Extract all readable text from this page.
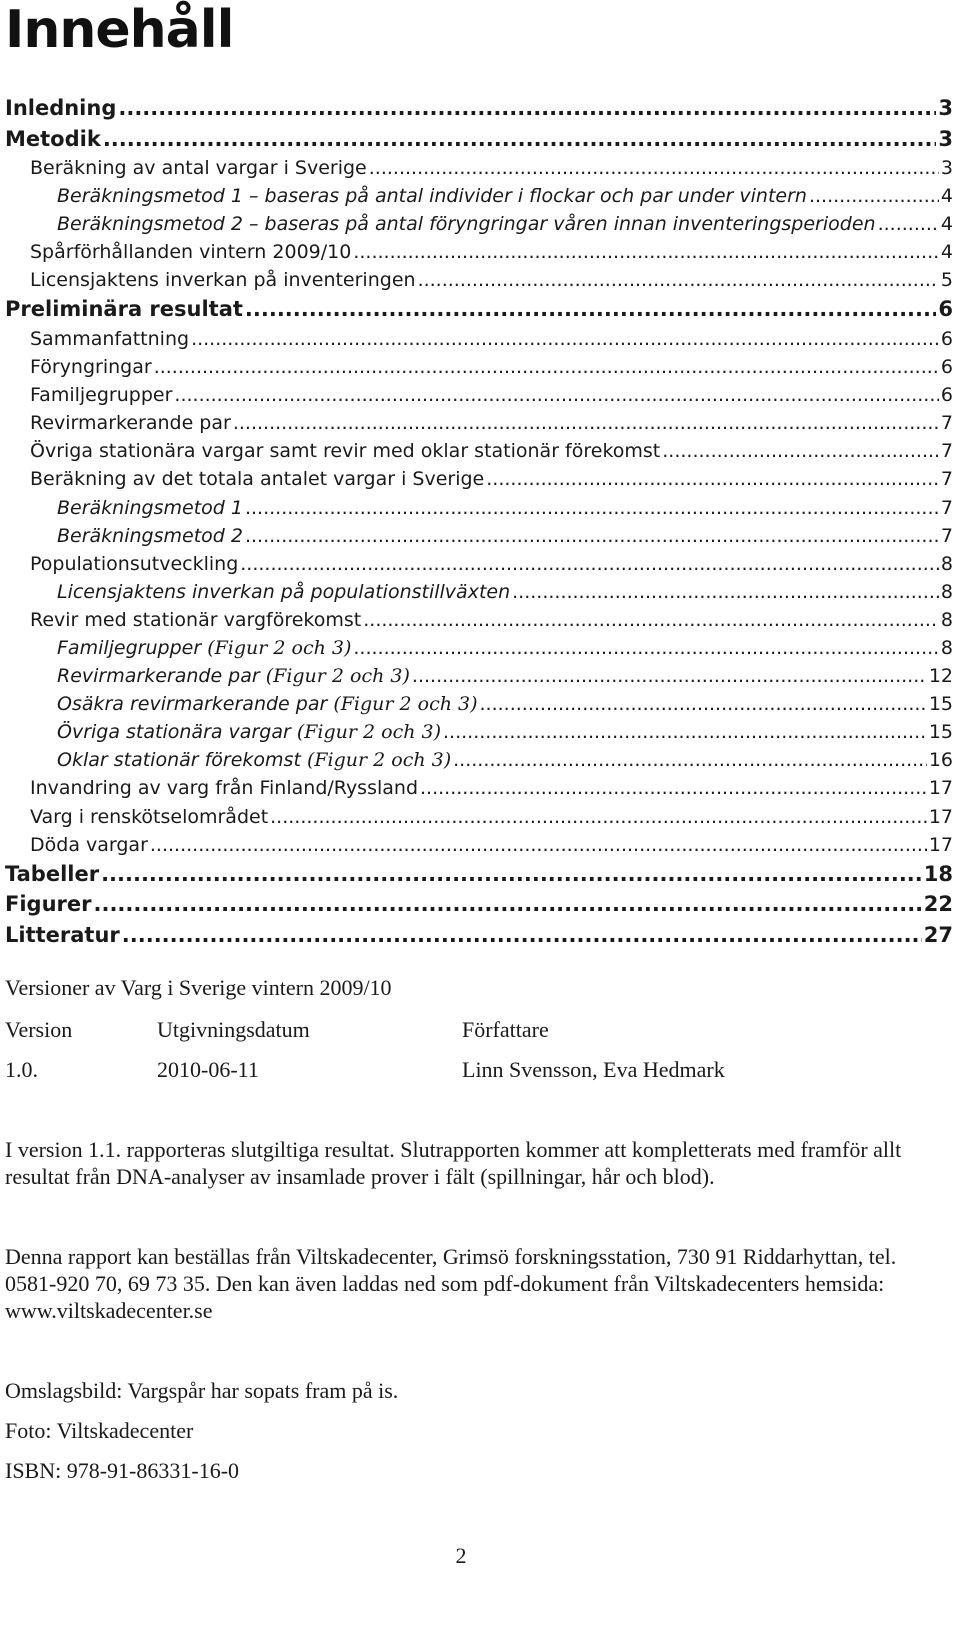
Innehåll
Inledning .....	3
Metodik .....	3
Beräkning av antal vargar i Sverige .....	3
Beräkningsmetod 1 – baseras på antal individer i flockar och par under vintern .....	4
Beräkningsmetod 2 – baseras på antal föryngringar våren innan inventeringsperioden .....	4
Spårförhållanden vintern 2009/10 .....	4
Licensjaktens inverkan på inventeringen .....	5
Preliminära resultat .....	6
Sammanfattning .....	6
Föryngringar .....	6
Familjegrupper .....	6
Revirmarkerande par .....	7
Övriga stationära vargar samt revir med oklar stationär förekomst .....	7
Beräkning av det totala antalet vargar i Sverige .....	7
Beräkningsmetod 1 .....	7
Beräkningsmetod 2 .....	7
Populationsutveckling .....	8
Licensjaktens inverkan på populationstillväxten .....	8
Revir med stationär vargförekomst .....	8
Familjegrupper (Figur 2 och 3) .....	8
Revirmarkerande par (Figur 2 och 3) .....	12
Osäkra revirmarkerande par (Figur 2 och 3) .....	15
Övriga stationära vargar (Figur 2 och 3) .....	15
Oklar stationär förekomst (Figur 2 och 3) .....	16
Invandring av varg från Finland/Ryssland .....	17
Varg i renskötselområdet .....	17
Döda vargar .....	17
Tabeller .....	18
Figurer .....	22
Litteratur .....	27
Versioner av Varg i Sverige vintern 2009/10
Version	Utgivningsdatum	Författare
1.0.	2010-06-11	Linn Svensson, Eva Hedmark
I version 1.1. rapporteras slutgiltiga resultat. Slutrapporten kommer att kompletterats med framför allt resultat från DNA-analyser av insamlade prover i fält (spillningar, hår och blod).
Denna rapport kan beställas från Viltskadecenter, Grimsö forskningsstation, 730 91 Riddarhyttan, tel. 0581-920 70, 69 73 35. Den kan även laddas ned som pdf-dokument från Viltskadecenters hemsida: www.viltskadecenter.se
Omslagsbild: Vargspår har sopats fram på is.
Foto: Viltskadecenter
ISBN: 978-91-86331-16-0
2
